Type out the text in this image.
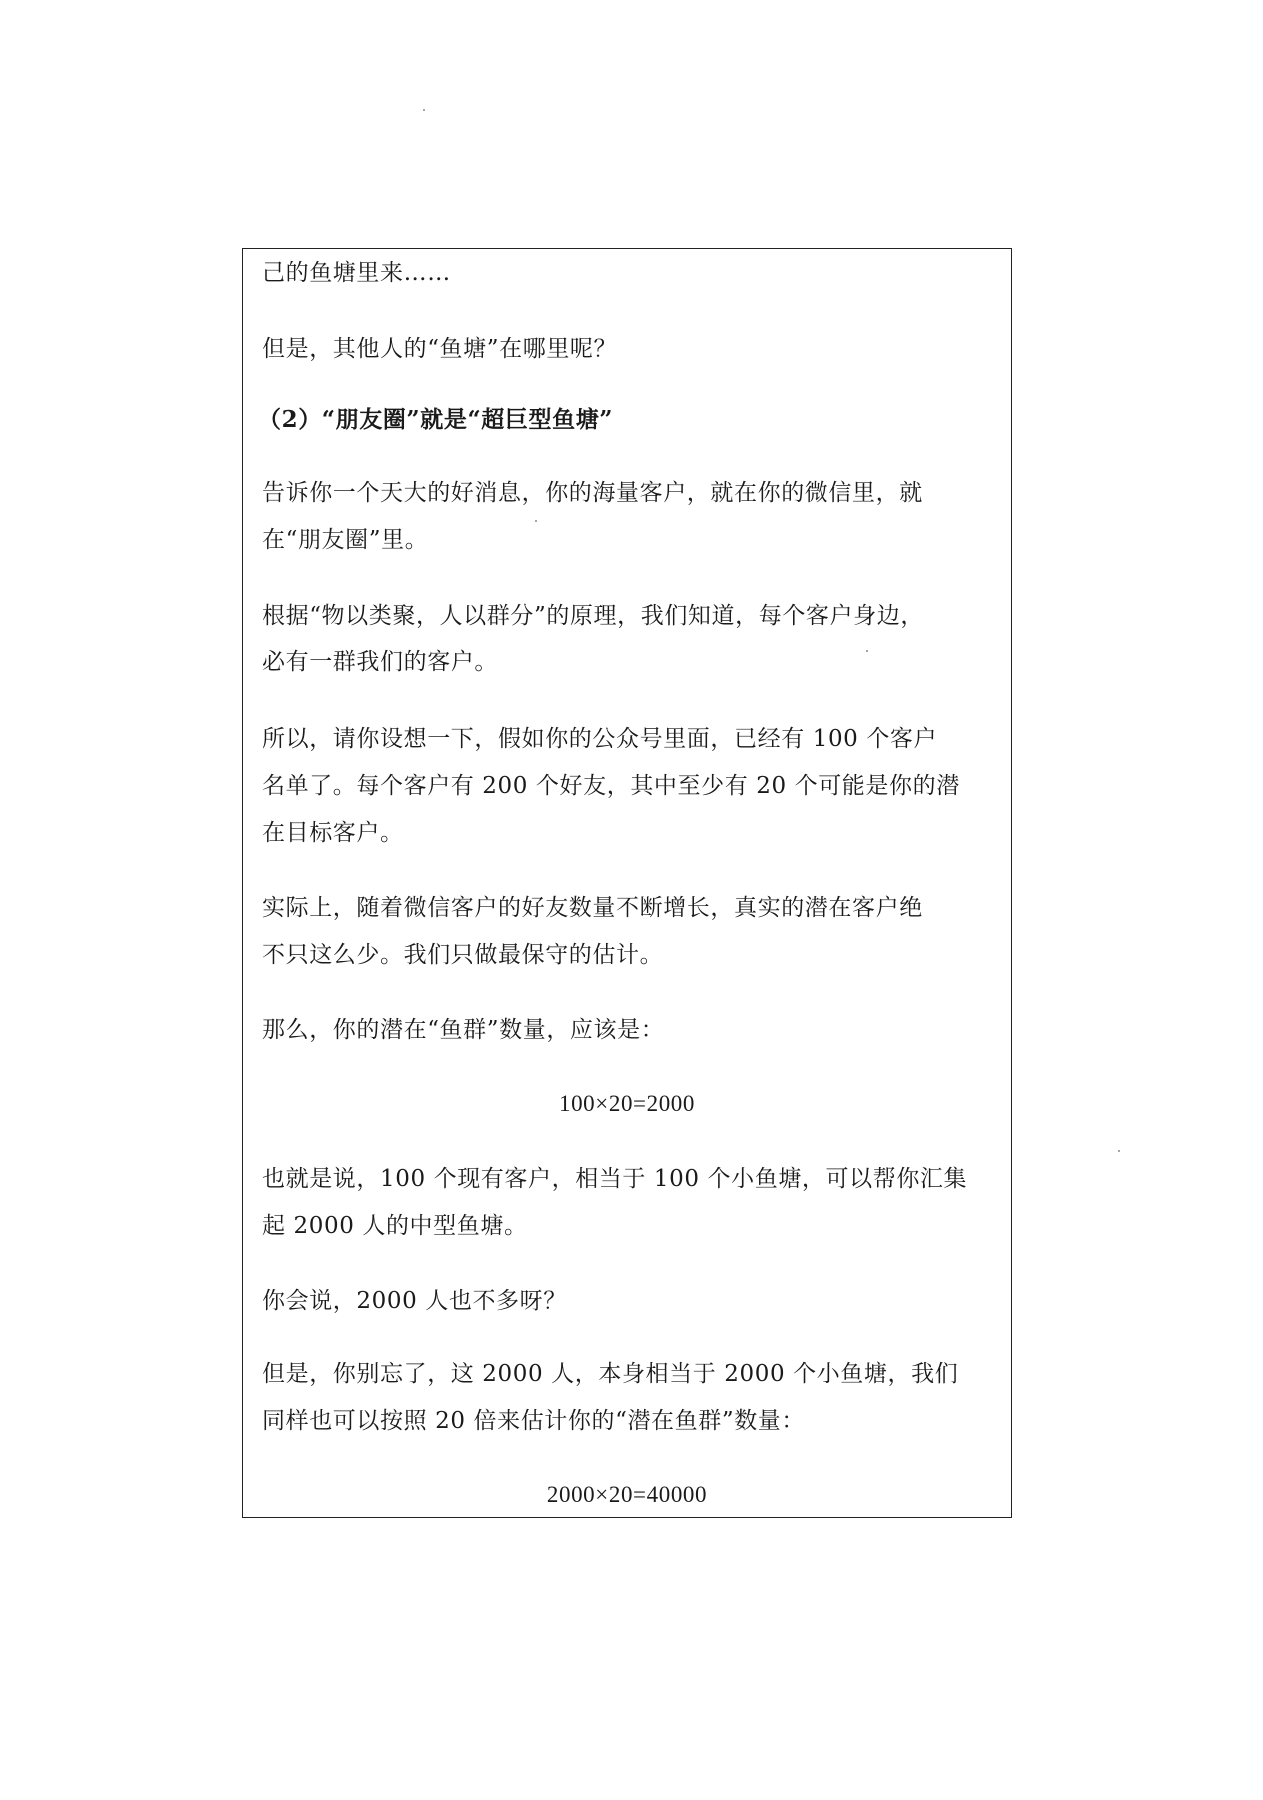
己的鱼塘里来……
但是，其他人的“鱼塘”在哪里呢？
（2）“朋友圈”就是“超巨型鱼塘”
告诉你一个天大的好消息，你的海量客户，就在你的微信里，就
在“朋友圈”里。
根据“物以类聚，人以群分”的原理，我们知道，每个客户身边，
必有一群我们的客户。
所以，请你设想一下，假如你的公众号里面，已经有 100 个客户
名单了。每个客户有 200 个好友，其中至少有 20 个可能是你的潜
在目标客户。
实际上，随着微信客户的好友数量不断增长，真实的潜在客户绝
不只这么少。我们只做最保守的估计。
那么，你的潜在“鱼群”数量，应该是：
100×20=2000
也就是说，100 个现有客户，相当于 100 个小鱼塘，可以帮你汇集
起 2000 人的中型鱼塘。
你会说，2000 人也不多呀？
但是，你别忘了，这 2000 人，本身相当于 2000 个小鱼塘，我们
同样也可以按照 20 倍来估计你的“潜在鱼群”数量：
2000×20=40000
